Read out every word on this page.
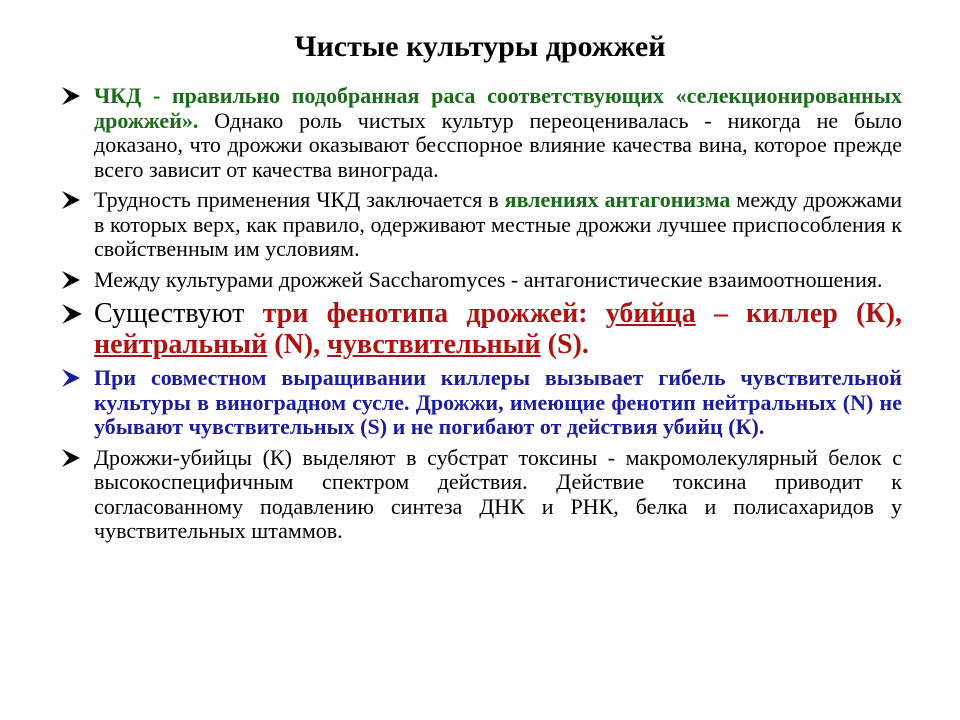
Чистые культуры дрожжей
ЧКД - правильно подобранная раса соответствующих «селекционированных дрожжей». Однако роль чистых культур переоценивалась - никогда не было доказано, что дрожжи оказывают бесспорное влияние качества вина, которое прежде всего зависит от качества винограда.
Трудность применения ЧКД заключается в явлениях антагонизма между дрожжами в которых верх, как правило, одерживают местные дрожжи лучшее приспособления к свойственным им условиям.
Между культурами дрожжей Saccharomyces - антагонистические взаимоотношения.
Существуют три фенотипа дрожжей: убийца – киллер (К), нейтральный (N), чувствительный (S).
При совместном выращивании киллеры вызывает гибель чувствительной культуры в виноградном сусле. Дрожжи, имеющие фенотип нейтральных (N) не убывают чувствительных (S) и не погибают от действия убийц (К).
Дрожжи-убийцы (К) выделяют в субстрат токсины - макромолекулярный белок с высокоспецифичным спектром действия. Действие токсина приводит к согласованному подавлению синтеза ДНК и РНК, белка и полисахаридов у чувствительных штаммов.
